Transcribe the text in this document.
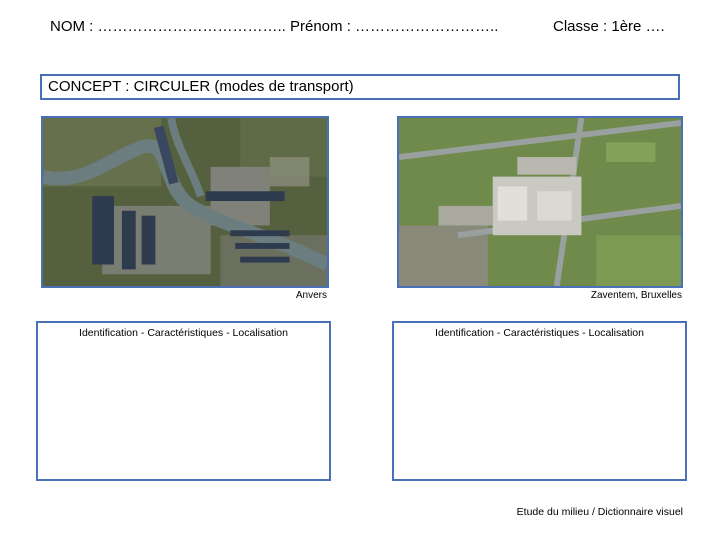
NOM : ……………………………….. Prénom : ………………………..	Classe : 1ère ….
CONCEPT : CIRCULER (modes de transport)
Anvers	Zaventem, Bruxelles
Identification - Caractéristiques - Localisation	Identification - Caractéristiques - Localisation
Etude du milieu / Dictionnaire visuel
